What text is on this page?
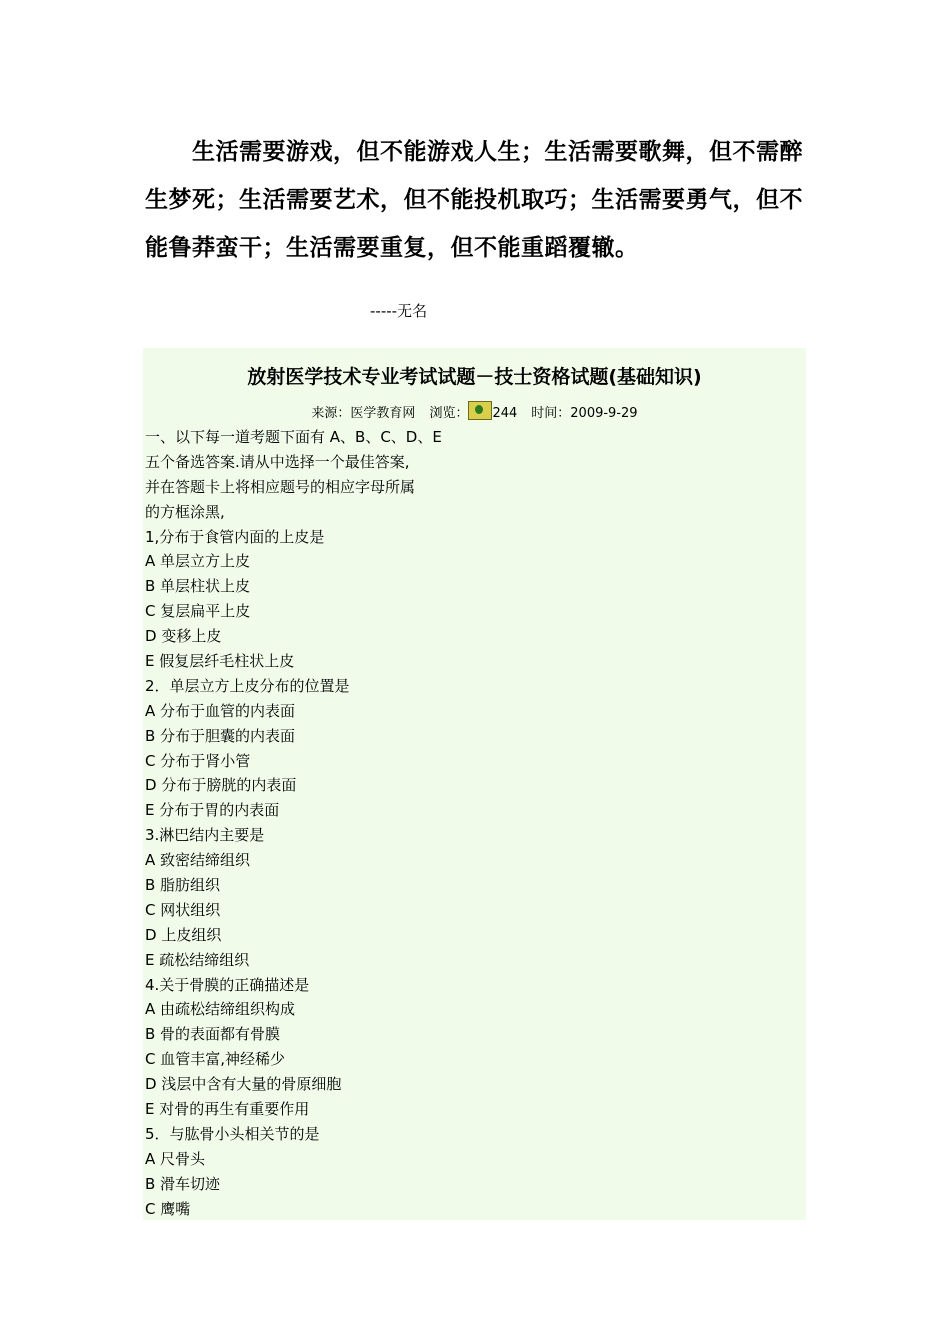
生活需要游戏，但不能游戏人生；生活需要歌舞，但不需醉生梦死；生活需要艺术，但不能投机取巧；生活需要勇气，但不能鲁莽蛮干；生活需要重复，但不能重蹈覆辙。
-----无名
放射医学技术专业考试试题－技士资格试题(基础知识)
来源：医学教育网 浏览： 244 时间：2009-9-29
一、以下每一道考题下面有 A、B、C、D、E
五个备选答案.请从中选择一个最佳答案,
并在答题卡上将相应题号的相应字母所属
的方框涂黑,
1,分布于食管内面的上皮是
A 单层立方上皮
B 单层柱状上皮
C 复层扁平上皮
D 变移上皮
E 假复层纤毛柱状上皮
2．单层立方上皮分布的位置是
A 分布于血管的内表面
B 分布于胆囊的内表面
C 分布于肾小管
D 分布于膀胱的内表面
E 分布于胃的内表面
3.淋巴结内主要是
A 致密结缔组织
B 脂肪组织
C 网状组织
D 上皮组织
E 疏松结缔组织
4.关于骨膜的正确描述是
A 由疏松结缔组织构成
B 骨的表面都有骨膜
C 血管丰富,神经稀少
D 浅层中含有大量的骨原细胞
E 对骨的再生有重要作用
5．与肱骨小头相关节的是
A 尺骨头
B 滑车切迹
C 鹰嘴
